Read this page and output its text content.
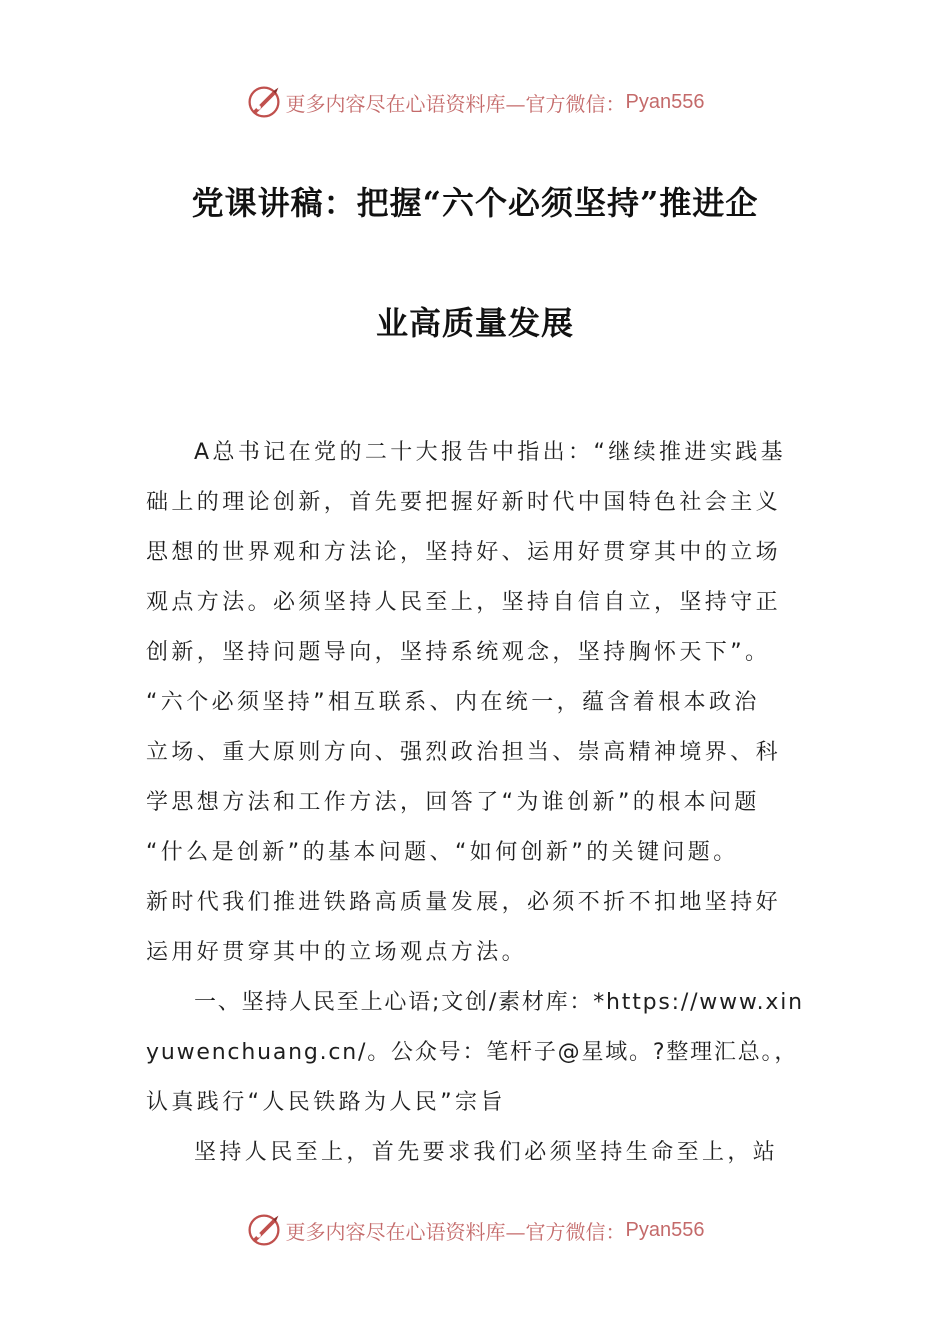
更多内容尽在心语资料库—官方微信： Pyan556
党课讲稿：把握“六个必须坚持”推进企
业高质量发展
A总书记在党的二十大报告中指出：“继续推进实践基
础上的理论创新，首先要把握好新时代中国特色社会主义
思想的世界观和方法论，坚持好、运用好贯穿其中的立场
观点方法。必须坚持人民至上，坚持自信自立，坚持守正
创新，坚持问题导向，坚持系统观念，坚持胸怀天下”。
“六个必须坚持”相互联系、内在统一，蕴含着根本政治
立场、重大原则方向、强烈政治担当、崇高精神境界、科
学思想方法和工作方法，回答了“为谁创新”的根本问题
“什么是创新”的基本问题、“如何创新”的关键问题。
新时代我们推进铁路高质量发展，必须不折不扣地坚持好
运用好贯穿其中的立场观点方法。
一、坚持人民至上心语;文创/素材库：*https://www.xin
yuwenchuang.cn/。公众号：笔杆子@星域。?整理汇总。，
认真践行“人民铁路为人民”宗旨
坚持人民至上，首先要求我们必须坚持生命至上，站
更多内容尽在心语资料库—官方微信： Pyan556
